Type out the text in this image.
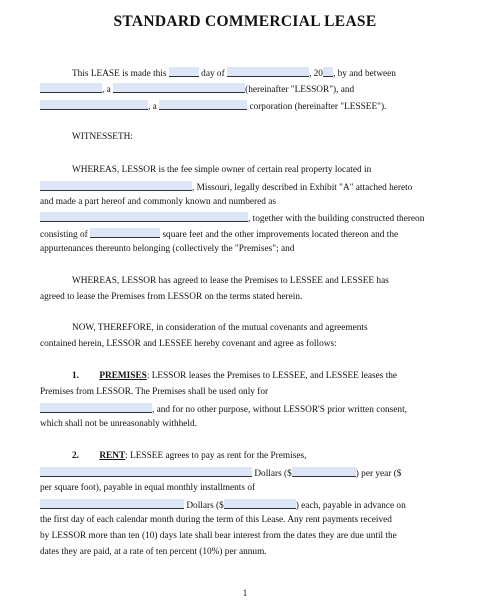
STANDARD COMMERCIAL LEASE
This LEASE is made this	day of	, 20 , by and between
, a	(hereinafter "LESSOR"), and
, a	corporation (hereinafter "LESSEE").
WITNESSETH:
WHEREAS, LESSOR is the fee simple owner of certain real property located in
, Missouri, legally described in Exhibit "A" attached hereto
and made a part hereof and commonly known and numbered as
, together with the building constructed thereon
consisting of	square feet and the other improvements located thereon and the
appurtenances thereunto belonging (collectively the "Premises"; and
WHEREAS, LESSOR has agreed to lease the Premises to LESSEE and LESSEE has
agreed to lease the Premises from LESSOR on the terms stated herein.
NOW, THEREFORE, in consideration of the mutual covenants and agreements
contained herein, LESSOR and LESSEE hereby covenant and agree as follows:
1. PREMISES: LESSOR leases the Premises to LESSEE, and LESSEE leases the
Premises from LESSOR. The Premises shall be used only for
, and for no other purpose, without LESSOR'S prior written consent,
which shall not be unreasonably withheld.
2. RENT: LESSEE agrees to pay as rent for the Premises,
Dollars ($	) per year ($
per square foot), payable in equal monthly installments of
Dollars ($	) each, payable in advance on
the first day of each calendar month during the term of this Lease. Any rent payments received
by LESSOR more than ten (10) days late shall bear interest from the dates they are due until the
dates they are paid, at a rate of ten percent (10%) per annum.
1
